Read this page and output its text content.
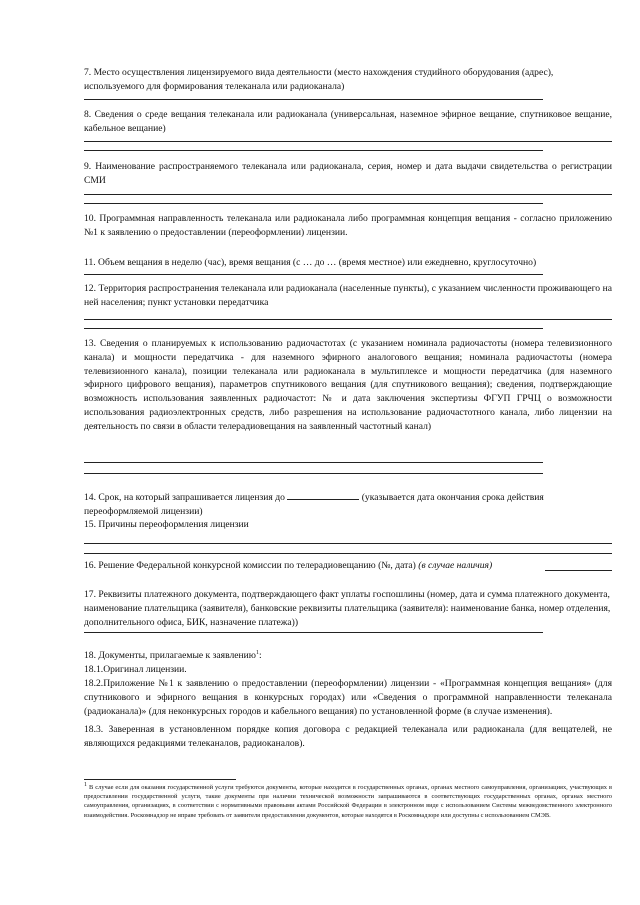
7. Место осуществления лицензируемого вида деятельности (место нахождения студийного оборудования (адрес), используемого для формирования телеканала или радиоканала)
8. Сведения о среде вещания телеканала или радиоканала (универсальная, наземное эфирное вещание, спутниковое вещание, кабельное вещание)
9. Наименование распространяемого телеканала или радиоканала, серия, номер и дата выдачи свидетельства о регистрации СМИ
10. Программная направленность телеканала или радиоканала либо программная концепция вещания - согласно приложению №1 к заявлению о предоставлении (переоформлении) лицензии.
11. Объем вещания в неделю (час), время вещания (с … до … (время местное) или ежедневно, круглосуточно)
12. Территория распространения телеканала или радиоканала (населенные пункты), с указанием численности проживающего на ней населения; пункт установки передатчика
13. Сведения о планируемых к использованию радиочастотах (с указанием номинала радиочастоты (номера телевизионного канала) и мощности передатчика - для наземного эфирного аналогового вещания; номинала радиочастоты (номера телевизионного канала), позиции телеканала или радиоканала в мультиплексе и мощности передатчика (для наземного эфирного цифрового вещания), параметров спутникового вещания (для спутникового вещания); сведения, подтверждающие возможность использования заявленных радиочастот: № и дата заключения экспертизы ФГУП ГРЧЦ о возможности использования радиоэлектронных средств, либо разрешения на использование радиочастотного канала, либо лицензии на деятельность по связи в области телерадиовещания на заявленный частотный канал)
14. Срок, на который запрашивается лицензия до	(указывается дата окончания срока действия переоформляемой лицензии)
15. Причины переоформления лицензии
16. Решение Федеральной конкурсной комиссии по телерадиовещанию (№, дата) (в случае наличия)
17. Реквизиты платежного документа, подтверждающего факт уплаты госпошлины (номер, дата и сумма платежного документа, наименование плательщика (заявителя), банковские реквизиты плательщика (заявителя): наименование банка, номер отделения, дополнительного офиса, БИК, назначение платежа))
18. Документы, прилагаемые к заявлению$^1$:
18.1.Оригинал лицензии.
18.2.Приложение №1 к заявлению о предоставлении (переоформлении) лицензии - «Программная концепция вещания» (для спутникового и эфирного вещания в конкурсных городах) или «Сведения о программной направленности телеканала (радиоканала)» (для неконкурсных городов и кабельного вещания) по установленной форме (в случае изменения).
18.3. Заверенная в установленном порядке копия договора с редакцией телеканала или радиоканала (для вещателей, не являющихся редакциями телеканалов, радиоканалов).
$^1$ В случае если для оказания государственной услуги требуются документы, которые находятся в государственных органах, органах местного самоуправления, организациях, участвующих в предоставлении государственной услуги, такие документы при наличии технической возможности запрашиваются в соответствующих государственных органах, органах местного самоуправления, организациях, в соответствии с нормативными правовыми актами Российской Федерации в электронном виде с использованием Системы межведомственного электронного взаимодействия. Роскомнадзор не вправе требовать от заявителя предоставления документов, которые находятся в Роскомнадзоре или доступны с использованием СМЭВ.
